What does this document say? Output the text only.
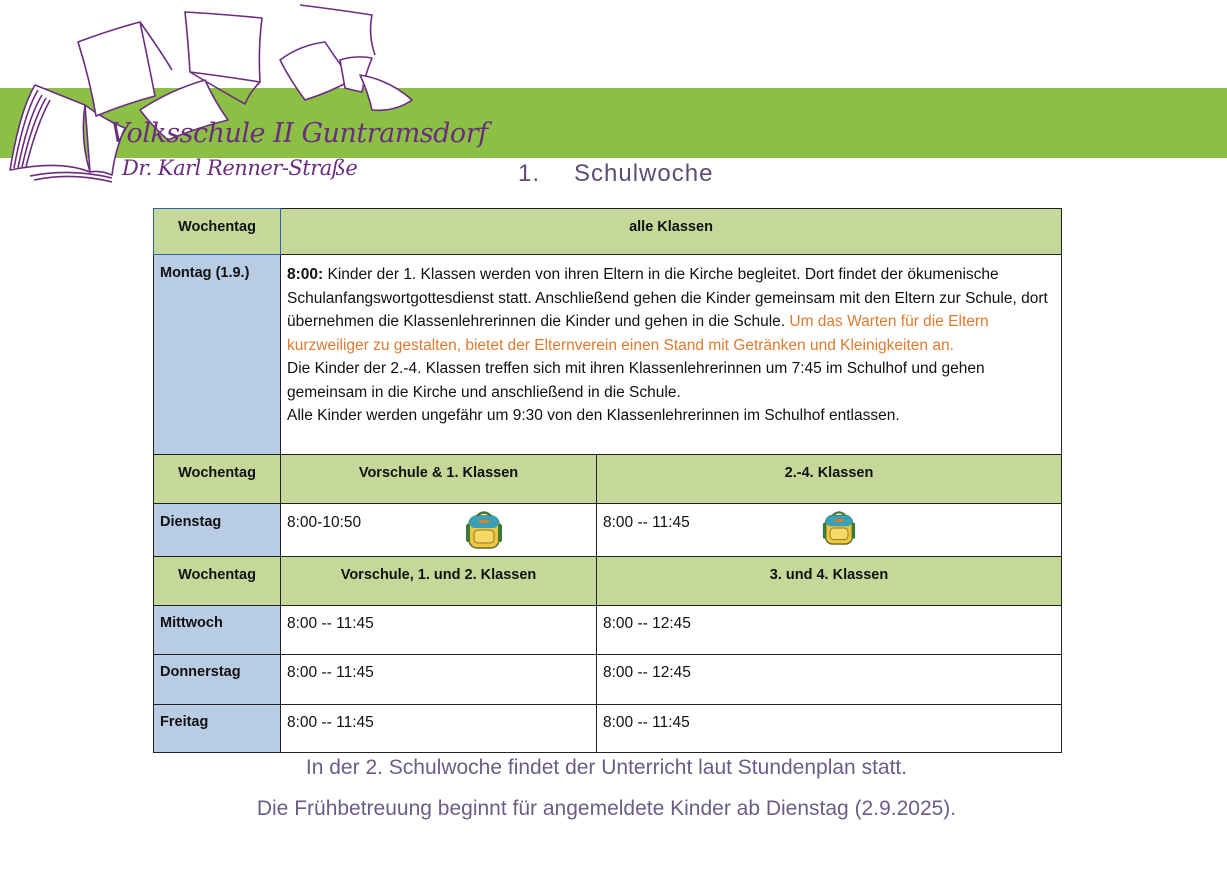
Volksschule II Guntramsdorf
Dr. Karl Renner-Straße	1. Schulwoche
Wochentag	alle Klassen	
Montag (1.9.)	8:00: Kinder der 1. Klassen werden von ihren Eltern in die Kirche begleitet. Dort findet der ökumenische Schulanfangswortgottesdienst statt. Anschließend gehen die Kinder gemeinsam mit den Eltern zur Schule, dort übernehmen die Klassenlehrerinnen die Kinder und gehen in die Schule. Um das Warten für die Eltern kurzweiliger zu gestalten, bietet der Elternverein einen Stand mit Getränken und Kleinigkeiten an.
Die Kinder der 2.-4. Klassen treffen sich mit ihren Klassenlehrerinnen um 7:45 im Schulhof und gehen gemeinsam in die Kirche und anschließend in die Schule.
Alle Kinder werden ungefähr um 9:30 von den Klassenlehrerinnen im Schulhof entlassen.	
Wochentag	Vorschule & 1. Klassen	2.-4. Klassen
Dienstag	8:00-10:50	8:00 -- 11:45
Wochentag	Vorschule, 1. und 2. Klassen	3. und 4. Klassen
Mittwoch	8:00 -- 11:45	8:00 -- 12:45
Donnerstag	8:00 -- 11:45	8:00 -- 12:45
Freitag	8:00 -- 11:45	8:00 -- 11:45
In der 2. Schulwoche findet der Unterricht laut Stundenplan statt.
Die Frühbetreuung beginnt für angemeldete Kinder ab Dienstag (2.9.2025).
